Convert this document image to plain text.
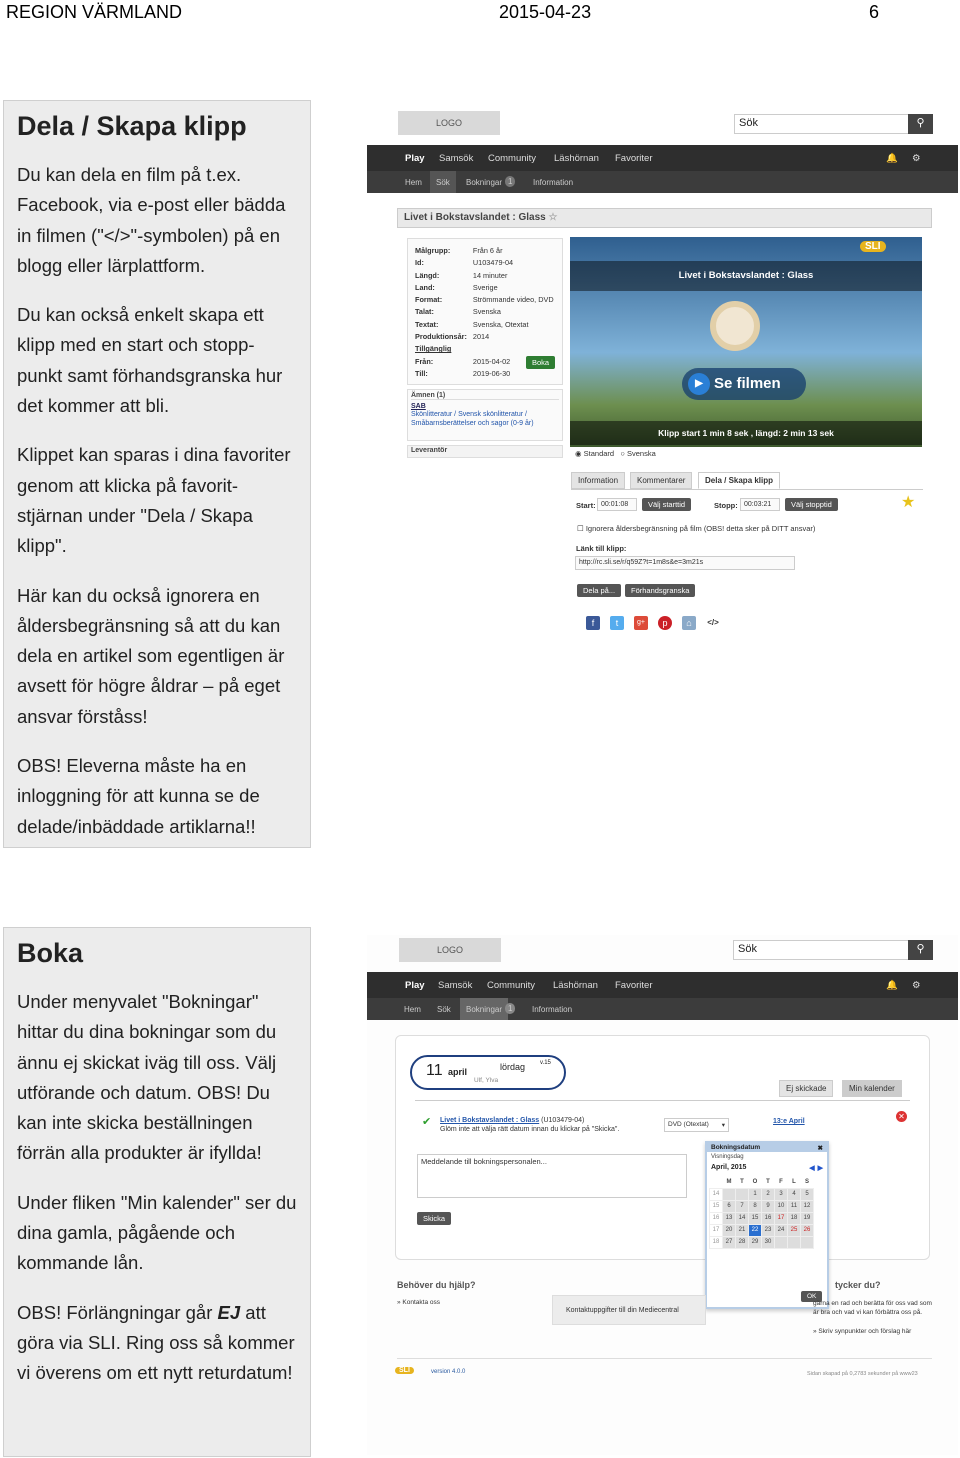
REGION VÄRMLAND	2015-04-23	6
Dela / Skapa klipp

Du kan dela en film på t.ex. Facebook, via e-post eller bädda in filmen ("</>"-symbolen) på en blogg eller lärplattform.

Du kan också enkelt skapa ett klipp med en start och stopp-punkt samt förhandsgranska hur det kommer att bli.

Klippet kan sparas i dina favoriter genom att klicka på favorit-stjärnan under "Dela / Skapa klipp".

Här kan du också ignorera en åldersbegränsning så att du kan dela en artikel som egentligen är avsett för högre åldrar – på eget ansvar förståss!

OBS! Eleverna måste ha en inloggning för att kunna se de delade/inbäddade artiklarna!!

LOGO	Sök	⚲
Play Samsök Community Läshörnan Favoriter	🔔 ⚙
Hem	Sök	Bokningar 1	Information
Livet i Bokstavslandet : Glass ☆
Målgrupp:	Från 6 år
Id:	U103479-04
Längd:	14 minuter
Land:	Sverige
Format:	Strömmande video, DVD
Talat:	Svenska
Textat:	Svenska, Otextat
Produktionsår:	2014
Tillgänglig	
Från:	2015-04-02
Till:	2019-06-30
Boka
Ämnen (1)
SAB
Skönlitteratur / Svensk skönlitteratur / Småbarnsberättelser och sagor (0-9 år)
Leverantör
Livet i Bokstavslandet : Glass
SLI
▶ Se filmen
Klipp start 1 min 8 sek , längd: 2 min 13 sek
◉ Standard ○ Svenska
Information	Kommentarer	Dela / Skapa klipp
Start: 00:01:08	Välj starttid	Stopp: 00:03:21	Välj stopptid	★
☐ Ignorera åldersbegränsning på film (OBS! detta sker på DITT ansvar)
Länk till klipp:
http://rc.sli.se/r/q59Z?t=1m8s&e=3m21s
Dela på...	Förhandsgranska
f	t	g+	p	⌂	</>
Boka

Under menyvalet "Bokningar" hittar du dina bokningar som du ännu ej skickat iväg till oss. Välj utförande och datum. OBS! Du kan inte skicka beställningen förrän alla produkter är ifyllda!

Under fliken "Min kalender" ser du dina gamla, pågående och kommande lån.

OBS! Förlängningar går EJ att göra via SLI. Ring oss så kommer vi överens om ett nytt returdatum!

LOGO	Sök	⚲
Play Samsök Community Läshörnan Favoriter	🔔 ⚙
Hem Sök	Bokningar 1	Information
11 april	lördag v.15
Ulf, Ylva
Ej skickade	Min kalender
✔ Livet i Bokstavslandet : Glass (U103479-04)
Glöm inte att välja rätt datum innan du klickar på "Skicka".
DVD (Otextat) ▾
13:e April
✕
Meddelande till bokningspersonalen...
Skicka
Bokningsdatum	✖
Visningsdag
April, 2015	▶
◀
	M	T	O	T	F	L	S
14			1	2	3	4	5
15	6	7	8	9	10	11	12
16	13	14	15	16	17	18	19
17	20	21	22	23	24	25	26
18	27	28	29	30			
OK
Behöver du hjälp?
» Kontakta oss
Kontaktuppgifter till din Mediecentral
tycker du?
gärna en rad och berätta för oss vad som är bra och vad vi kan förbättra oss på.
» Skriv synpunkter och förslag här
SLI	version 4.0.0	Sidan skapad på 0,2783 sekunder på www23
